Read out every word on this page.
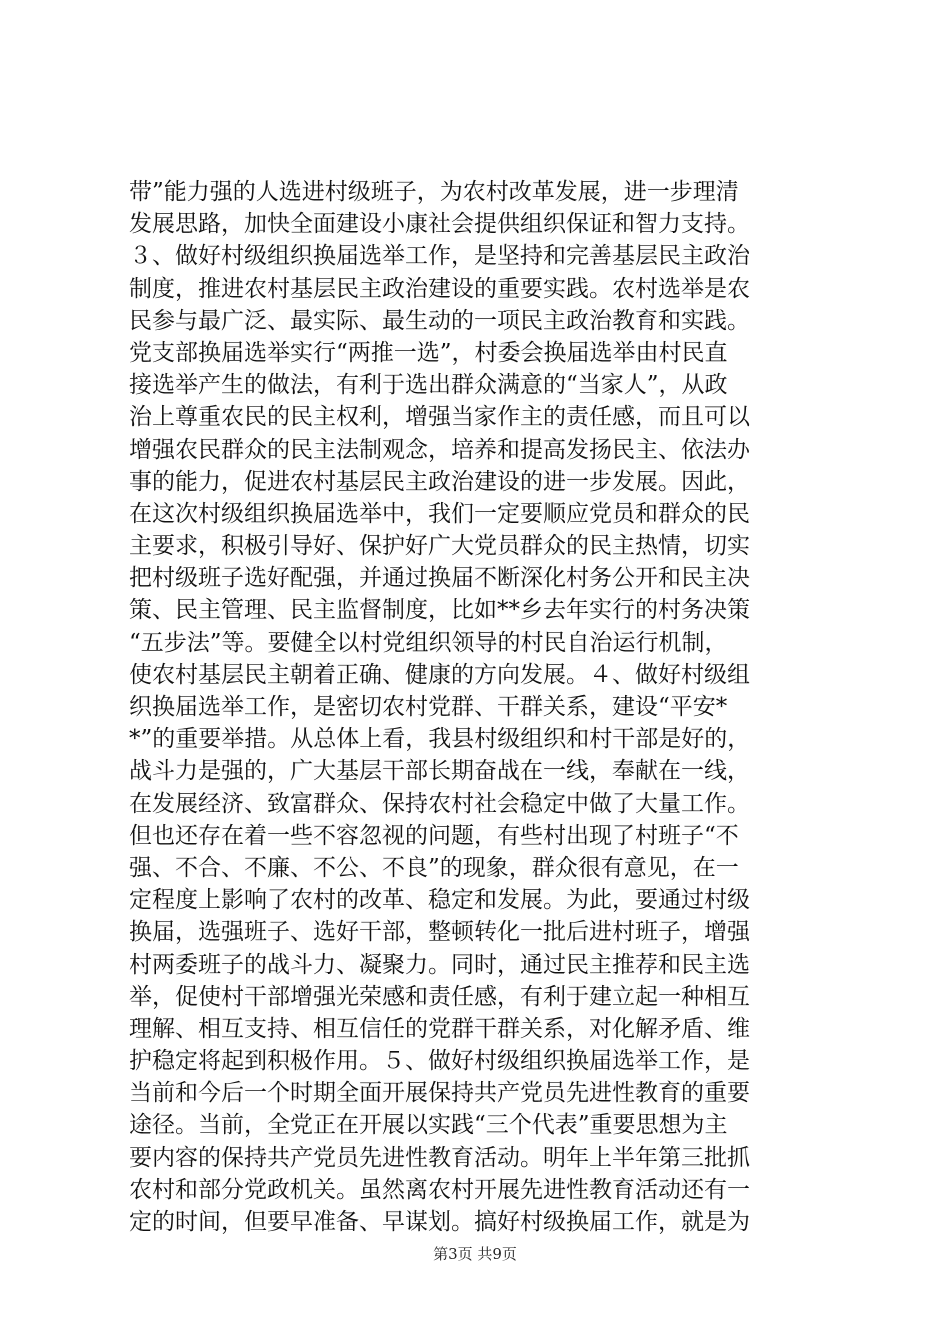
带”能力强的人选进村级班子，为农村改革发展，进一步理清
发展思路，加快全面建设小康社会提供组织保证和智力支持。
３、做好村级组织换届选举工作，是坚持和完善基层民主政治
制度，推进农村基层民主政治建设的重要实践。农村选举是农
民参与最广泛、最实际、最生动的一项民主政治教育和实践。
党支部换届选举实行“两推一选”，村委会换届选举由村民直
接选举产生的做法，有利于选出群众满意的“当家人”，从政
治上尊重农民的民主权利，增强当家作主的责任感，而且可以
增强农民群众的民主法制观念，培养和提高发扬民主、依法办
事的能力，促进农村基层民主政治建设的进一步发展。因此，
在这次村级组织换届选举中，我们一定要顺应党员和群众的民
主要求，积极引导好、保护好广大党员群众的民主热情，切实
把村级班子选好配强，并通过换届不断深化村务公开和民主决
策、民主管理、民主监督制度，比如**乡去年实行的村务决策
“五步法”等。要健全以村党组织领导的村民自治运行机制，
使农村基层民主朝着正确、健康的方向发展。４、做好村级组
织换届选举工作，是密切农村党群、干群关系，建设“平安*
*”的重要举措。从总体上看，我县村级组织和村干部是好的，
战斗力是强的，广大基层干部长期奋战在一线，奉献在一线，
在发展经济、致富群众、保持农村社会稳定中做了大量工作。
但也还存在着一些不容忽视的问题，有些村出现了村班子“不
强、不合、不廉、不公、不良”的现象，群众很有意见，在一
定程度上影响了农村的改革、稳定和发展。为此，要通过村级
换届，选强班子、选好干部，整顿转化一批后进村班子，增强
村两委班子的战斗力、凝聚力。同时，通过民主推荐和民主选
举，促使村干部增强光荣感和责任感，有利于建立起一种相互
理解、相互支持、相互信任的党群干群关系，对化解矛盾、维
护稳定将起到积极作用。５、做好村级组织换届选举工作，是
当前和今后一个时期全面开展保持共产党员先进性教育的重要
途径。当前，全党正在开展以实践“三个代表”重要思想为主
要内容的保持共产党员先进性教育活动。明年上半年第三批抓
农村和部分党政机关。虽然离农村开展先进性教育活动还有一
定的时间，但要早准备、早谋划。搞好村级换届工作，就是为
第3页 共9页
